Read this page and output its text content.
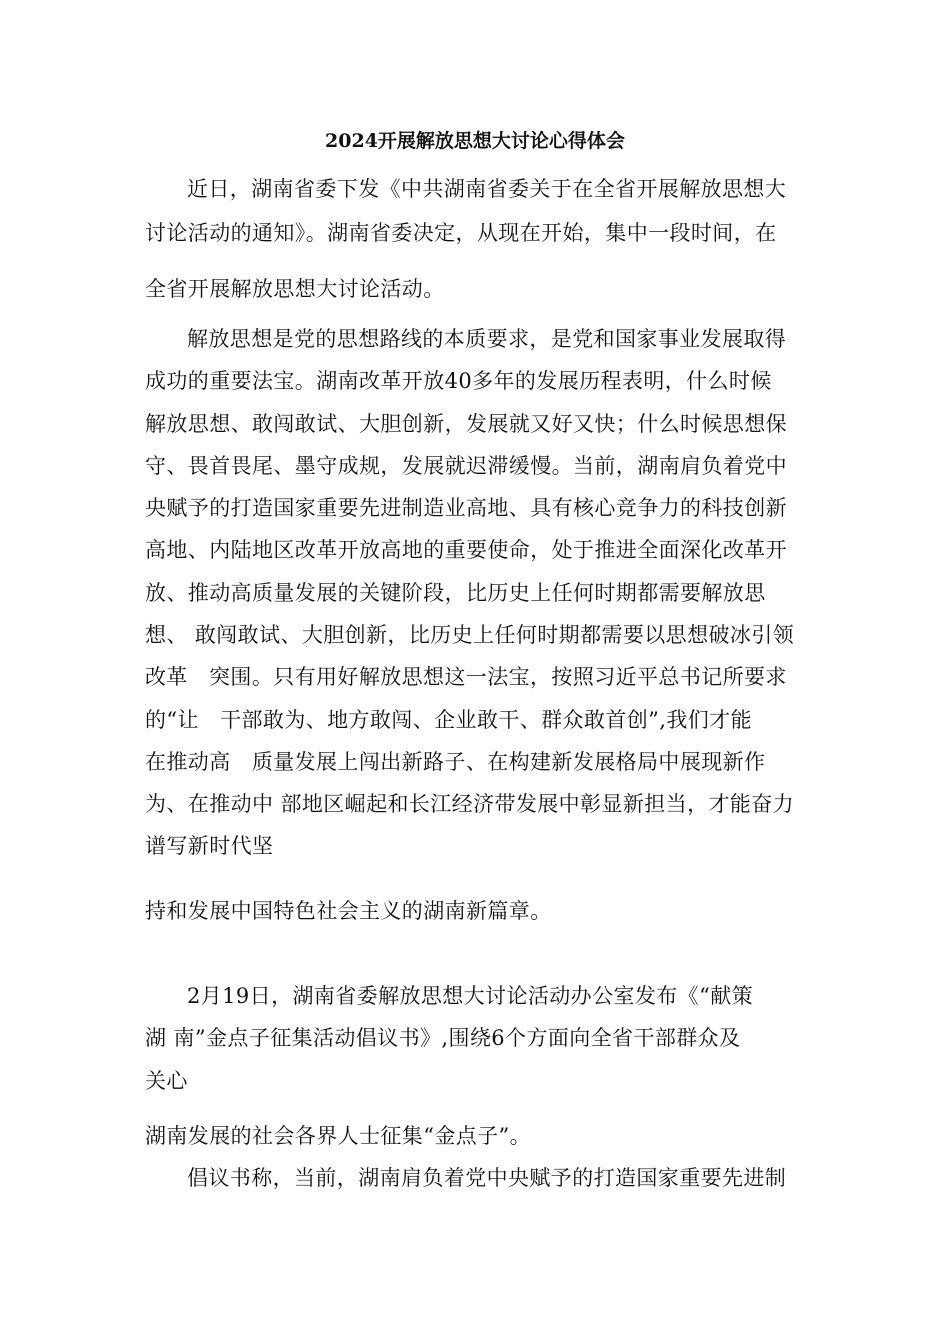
2024开展解放思想大讨论心得体会
近日，湖南省委下发《中共湖南省委关于在全省开展解放思想大
讨论活动的通知》。湖南省委决定，从现在开始，集中一段时间，在
全省开展解放思想大讨论活动。
解放思想是党的思想路线的本质要求，是党和国家事业发展取得
成功的重要法宝。湖南改革开放40多年的发展历程表明，什么时候
解放思想、敢闯敢试、大胆创新，发展就又好又快；什么时候思想保
守、畏首畏尾、墨守成规，发展就迟滞缓慢。当前，湖南肩负着党中
央赋予的打造国家重要先进制造业高地、具有核心竞争力的科技创新
高地、内陆地区改革开放高地的重要使命，处于推进全面深化改革开
放、推动高质量发展的关键阶段，比历史上任何时期都需要解放思
想、 敢闯敢试、大胆创新，比历史上任何时期都需要以思想破冰引领
改革   突围。只有用好解放思想这一法宝，按照习近平总书记所要求
的“让   干部敢为、地方敢闯、企业敢干、群众敢首创”,我们才能
在推动高   质量发展上闯出新路子、在构建新发展格局中展现新作
为、在推动中 部地区崛起和长江经济带发展中彰显新担当，才能奋力
谱写新时代坚
持和发展中国特色社会主义的湖南新篇章。
2月19日，湖南省委解放思想大讨论活动办公室发布《“献策
湖 南”金点子征集活动倡议书》,围绕6个方面向全省干部群众及
关心
湖南发展的社会各界人士征集“金点子”。
倡议书称，当前，湖南肩负着党中央赋予的打造国家重要先进制
